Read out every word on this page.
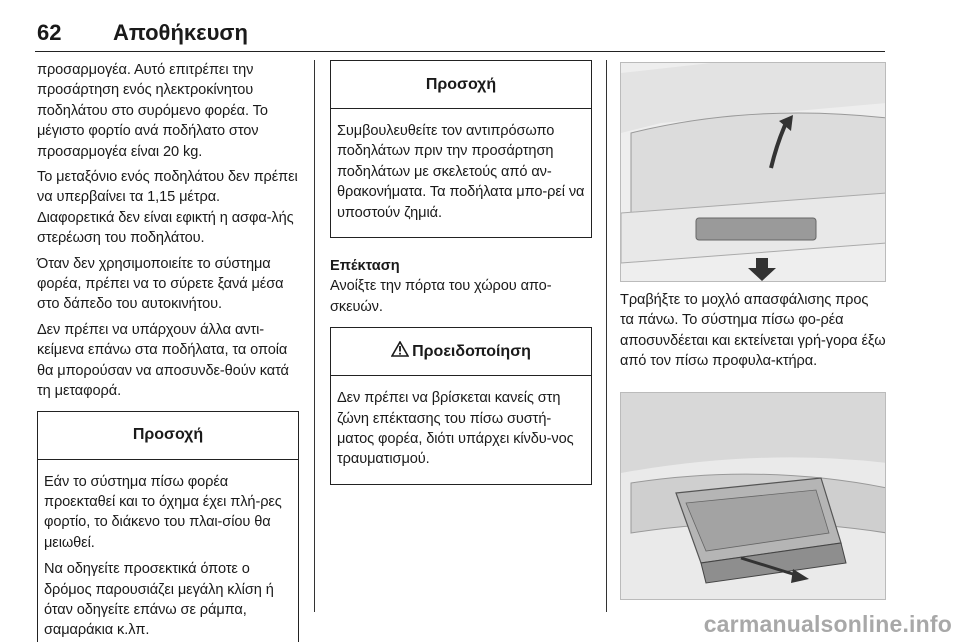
62 Αποθήκευση

προσαρμογέα. Αυτό επιτρέπει την προσάρτηση ενός ηλεκτροκίνητου ποδηλάτου στο συρόμενο φορέα. Το μέγιστο φορτίο ανά ποδήλατο στον προσαρμογέα είναι 20 kg.

Το μεταξόνιο ενός ποδηλάτου δεν πρέπει να υπερβαίνει τα 1,15 μέτρα. Διαφορετικά δεν είναι εφικτή η ασφα-λής στερέωση του ποδηλάτου.

Όταν δεν χρησιμοποιείτε το σύστημα φορέα, πρέπει να το σύρετε ξανά μέσα στο δάπεδο του αυτοκινήτου.

Δεν πρέπει να υπάρχουν άλλα αντι-κείμενα επάνω στα ποδήλατα, τα οποία θα μπορούσαν να αποσυνδε-θούν κατά τη μεταφορά.

Προσοχή

Εάν το σύστημα πίσω φορέα προεκταθεί και το όχημα έχει πλή-ρες φορτίο, το διάκενο του πλαι-σίου θα μειωθεί.

Να οδηγείτε προσεκτικά όποτε ο δρόμος παρουσιάζει μεγάλη κλίση ή όταν οδηγείτε επάνω σε ράμπα, σαμαράκια κ.λπ.

Προσοχή

Συμβουλευθείτε τον αντιπρόσωπο ποδηλάτων πριν την προσάρτηση ποδηλάτων με σκελετούς από αν-θρακονήματα. Τα ποδήλατα μπο-ρεί να υποστούν ζημιά.

Επέκταση

Ανοίξτε την πόρτα του χώρου απο-σκευών.

Προειδοποίηση

Δεν πρέπει να βρίσκεται κανείς στη ζώνη επέκτασης του πίσω συστή-ματος φορέα, διότι υπάρχει κίνδυ-νος τραυματισμού.

Τραβήξτε το μοχλό απασφάλισης προς τα πάνω. Το σύστημα πίσω φο-ρέα αποσυνδέεται και εκτείνεται γρή-γορα έξω από τον πίσω προφυλα-κτήρα.

carmanualsonline.info
